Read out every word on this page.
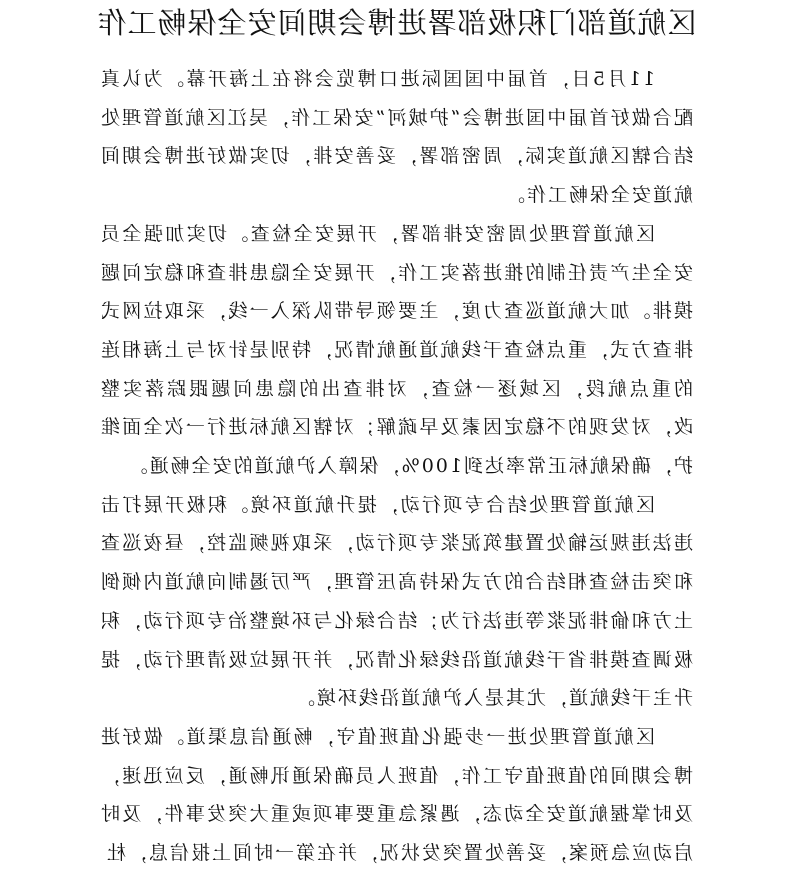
区航道部门积极部署进博会期间安全保畅工作

11月5日，首届中国国际进口博览会将在上海开幕。为认真配合做好首届中国进博会“护城河”安保工作，吴江区航道管理处结合辖区航道实际，周密部署，妥善安排，切实做好进博会期间航道安全保畅工作。

区航道管理处周密安排部署，开展安全检查。切实加强全员安全生产责任制的推进落实工作，开展安全隐患排查和稳定问题摸排。加大航道巡查力度，主要领导带队深入一线，采取拉网式排查方式，重点检查干线航道通航情况，特别是针对与上海相连的重点航段，区域逐一检查，对排查出的隐患问题跟踪落实整改，对发现的不稳定因素及早疏解；对辖区航标进行一次全面维护，确保航标正常率达到100%，保障入沪航道的安全畅通。

区航道管理处结合专项行动，提升航道环境。积极开展打击违法违规运输处置建筑泥浆专项行动，采取视频监控，昼夜巡查和突击检查相结合的方式保持高压管理，严厉遏制向航道内倾倒土方和偷排泥浆等违法行为；结合绿化与环境整治专项行动，积极调查摸排省干线航道沿线绿化情况，并开展垃圾清理行动，提升主干线航道，尤其是入沪航道沿线环境。

区航道管理处进一步强化值班值守，畅通信息渠道。做好进博会期间的值班值守工作，值班人员确保通讯畅通，反应迅速，及时掌握航道安全动态，遇紧急重要事项或重大突发事件，及时启动应急预案，妥善处置突发状况，并在第一时间上报信息，杜
